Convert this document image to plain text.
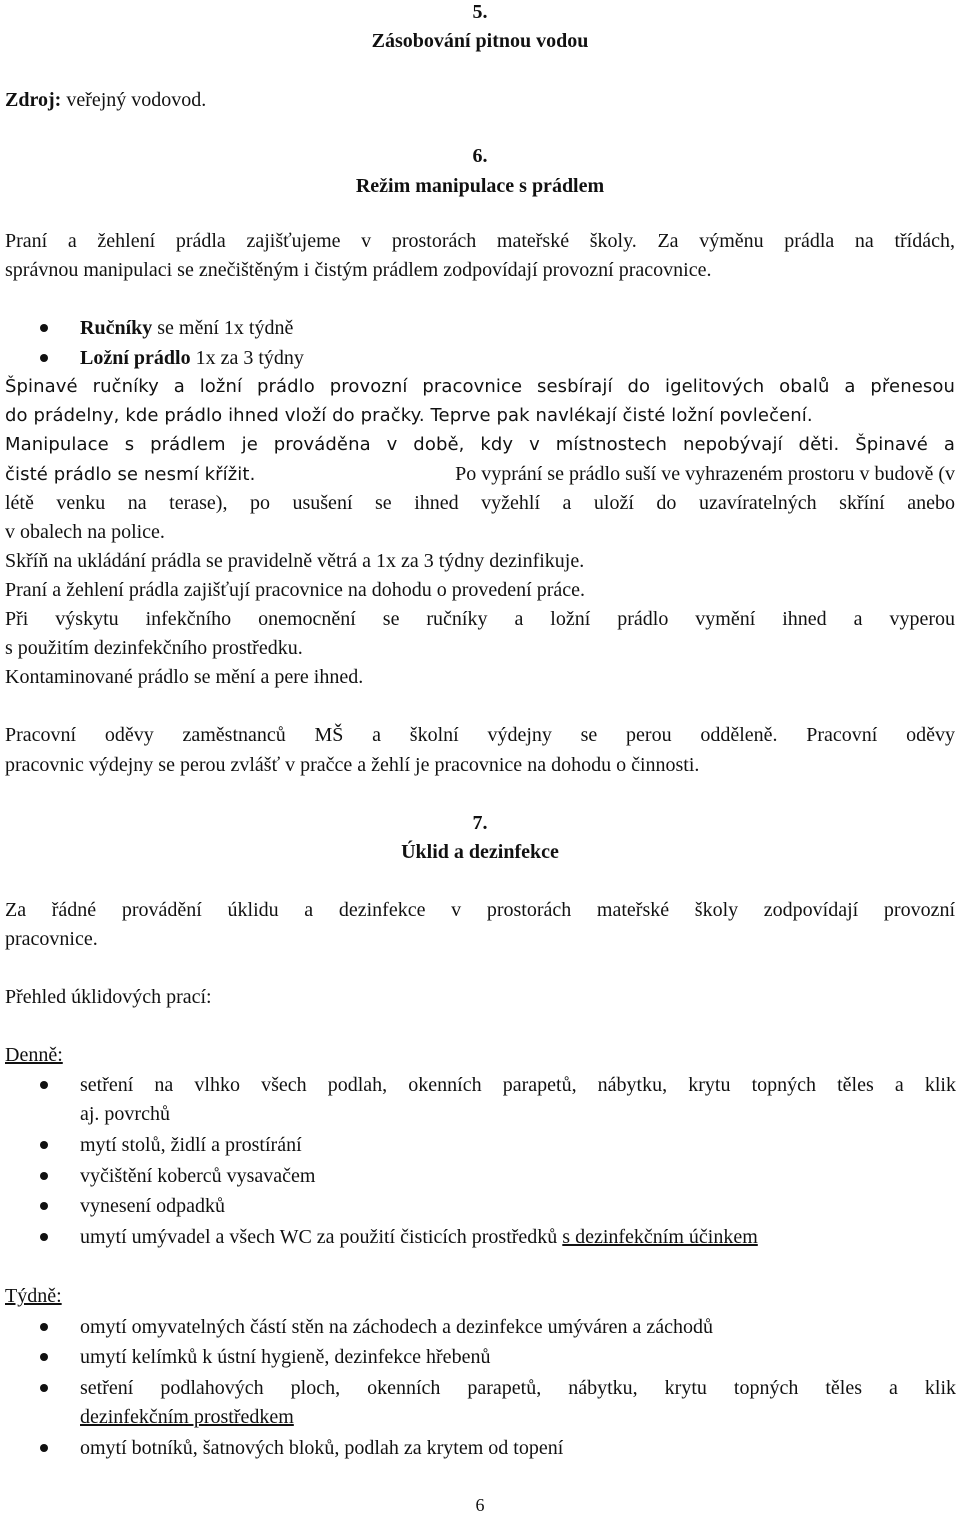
5.
Zásobování pitnou vodou
Zdroj: veřejný vodovod.
6.
Režim manipulace s prádlem
Praní a žehlení prádla zajišťujeme v prostorách mateřské školy. Za výměnu prádla na třídách,
správnou manipulaci se znečištěným i čistým prádlem zodpovídají provozní pracovnice.
Ručníky se mění 1x týdně
Ložní prádlo 1x za 3 týdny
Špinavé ručníky a ložní prádlo provozní pracovnice sesbírají do igelitových obalů a přenesou
do prádelny, kde prádlo ihned vloží do pračky. Teprve pak navlékají čisté ložní povlečení.
Manipulace s prádlem je prováděna v době, kdy v místnostech nepobývají děti. Špinavé a
čisté prádlo se nesmí křížit.	Po vyprání se prádlo suší ve vyhrazeném prostoru v budově (v
létě venku na terase), po usušení se ihned vyžehlí a uloží do uzavíratelných skříní anebo
v obalech na police.
Skříň na ukládání prádla se pravidelně větrá a 1x za 3 týdny dezinfikuje.
Praní a žehlení prádla zajišťují pracovnice na dohodu o provedení práce.
Při výskytu infekčního onemocnění se ručníky a ložní prádlo vymění ihned a vyperou
s použitím dezinfekčního prostředku.
Kontaminované prádlo se mění a pere ihned.
Pracovní oděvy zaměstnanců MŠ a školní výdejny se perou odděleně. Pracovní oděvy
pracovnic výdejny se perou zvlášť v pračce a žehlí je pracovnice na dohodu o činnosti.
7.
Úklid a dezinfekce
Za řádné provádění úklidu a dezinfekce v prostorách mateřské školy zodpovídají provozní
pracovnice.
Přehled úklidových prací:
Denně:
setření na vlhko všech podlah, okenních parapetů, nábytku, krytu topných těles a klik
aj. povrchů
mytí stolů, židlí a prostírání
vyčištění koberců vysavačem
vynesení odpadků
umytí umývadel a všech WC za použití čisticích prostředků s dezinfekčním účinkem
Týdně:
omytí omyvatelných částí stěn na záchodech a dezinfekce umýváren a záchodů
umytí kelímků k ústní hygieně, dezinfekce hřebenů
setření podlahových ploch, okenních parapetů, nábytku, krytu topných těles a klik
dezinfekčním prostředkem
omytí botníků, šatnových bloků, podlah za krytem od topení
6
